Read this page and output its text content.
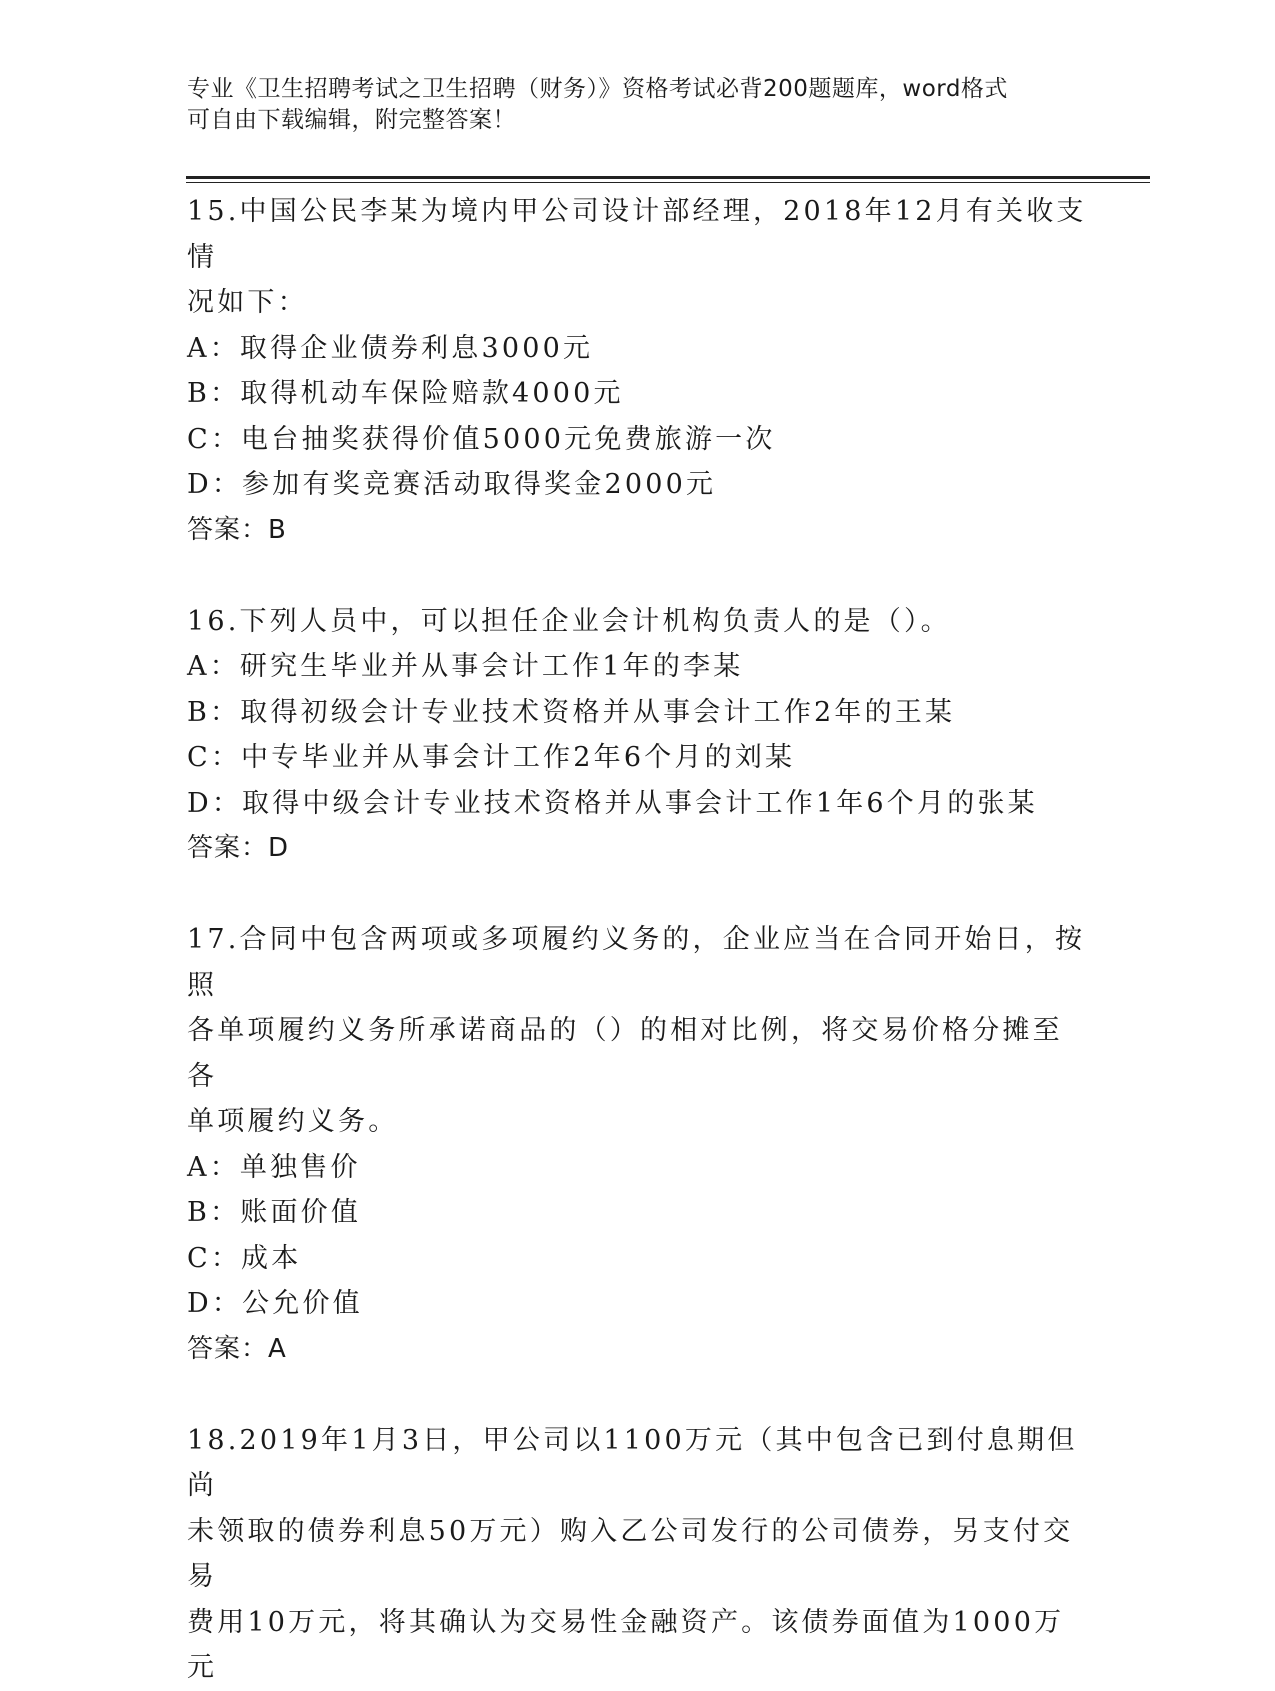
专业《卫生招聘考试之卫生招聘（财务）》资格考试必背200题题库，word格式
可自由下载编辑，附完整答案！
15.中国公民李某为境内甲公司设计部经理，2018年12月有关收支情
况如下：
A：取得企业债券利息3000元
B：取得机动车保险赔款4000元
C：电台抽奖获得价值5000元免费旅游一次
D：参加有奖竞赛活动取得奖金2000元
答案：B
16.下列人员中，可以担任企业会计机构负责人的是（）。
A：研究生毕业并从事会计工作1年的李某
B：取得初级会计专业技术资格并从事会计工作2年的王某
C：中专毕业并从事会计工作2年6个月的刘某
D：取得中级会计专业技术资格并从事会计工作1年6个月的张某
答案：D
17.合同中包含两项或多项履约义务的，企业应当在合同开始日，按照
各单项履约义务所承诺商品的（）的相对比例，将交易价格分摊至各
单项履约义务。
A：单独售价
B：账面价值
C：成本
D：公允价值
答案：A
18.2019年1月3日，甲公司以1100万元（其中包含已到付息期但尚
未领取的债券利息50万元）购入乙公司发行的公司债券，另支付交易
费用10万元，将其确认为交易性金融资产。该债券面值为1000万元
